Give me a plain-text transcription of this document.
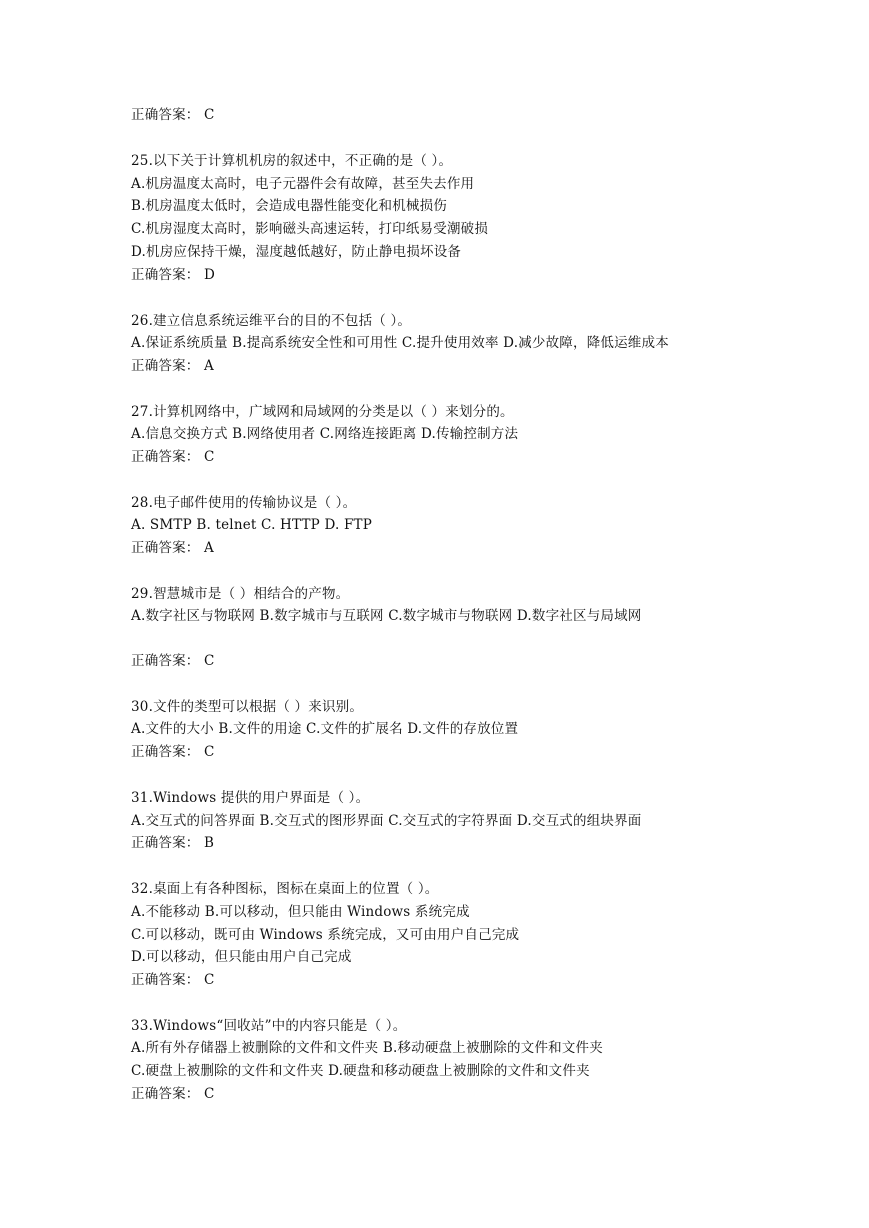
正确答案： C
25.以下关于计算机机房的叙述中，不正确的是（ ）。
A.机房温度太高时，电子元器件会有故障，甚至失去作用
B.机房温度太低时，会造成电器性能变化和机械损伤
C.机房湿度太高时，影响磁头高速运转，打印纸易受潮破损
D.机房应保持干燥，湿度越低越好，防止静电损坏设备
正确答案： D
26.建立信息系统运维平台的目的不包括（ ）。
A.保证系统质量 B.提高系统安全性和可用性 C.提升使用效率 D.减少故障，降低运维成本
正确答案： A
27.计算机网络中，广域网和局域网的分类是以（ ）来划分的。
A.信息交换方式 B.网络使用者 C.网络连接距离 D.传输控制方法
正确答案： C
28.电子邮件使用的传输协议是（ ）。
A. SMTP B. telnet C. HTTP D. FTP
正确答案： A
29.智慧城市是（ ）相结合的产物。
A.数字社区与物联网 B.数字城市与互联网 C.数字城市与物联网 D.数字社区与局域网
正确答案： C
30.文件的类型可以根据（ ）来识别。
A.文件的大小 B.文件的用途 C.文件的扩展名 D.文件的存放位置
正确答案： C
31.Windows 提供的用户界面是（ ）。
A.交互式的问答界面 B.交互式的图形界面 C.交互式的字符界面 D.交互式的组块界面
正确答案： B
32.桌面上有各种图标，图标在桌面上的位置（ ）。
A.不能移动 B.可以移动，但只能由 Windows 系统完成
C.可以移动，既可由 Windows 系统完成，又可由用户自己完成
D.可以移动，但只能由用户自己完成
正确答案： C
33.Windows“回收站”中的内容只能是（ ）。
A.所有外存储器上被删除的文件和文件夹 B.移动硬盘上被删除的文件和文件夹
C.硬盘上被删除的文件和文件夹 D.硬盘和移动硬盘上被删除的文件和文件夹
正确答案： C
